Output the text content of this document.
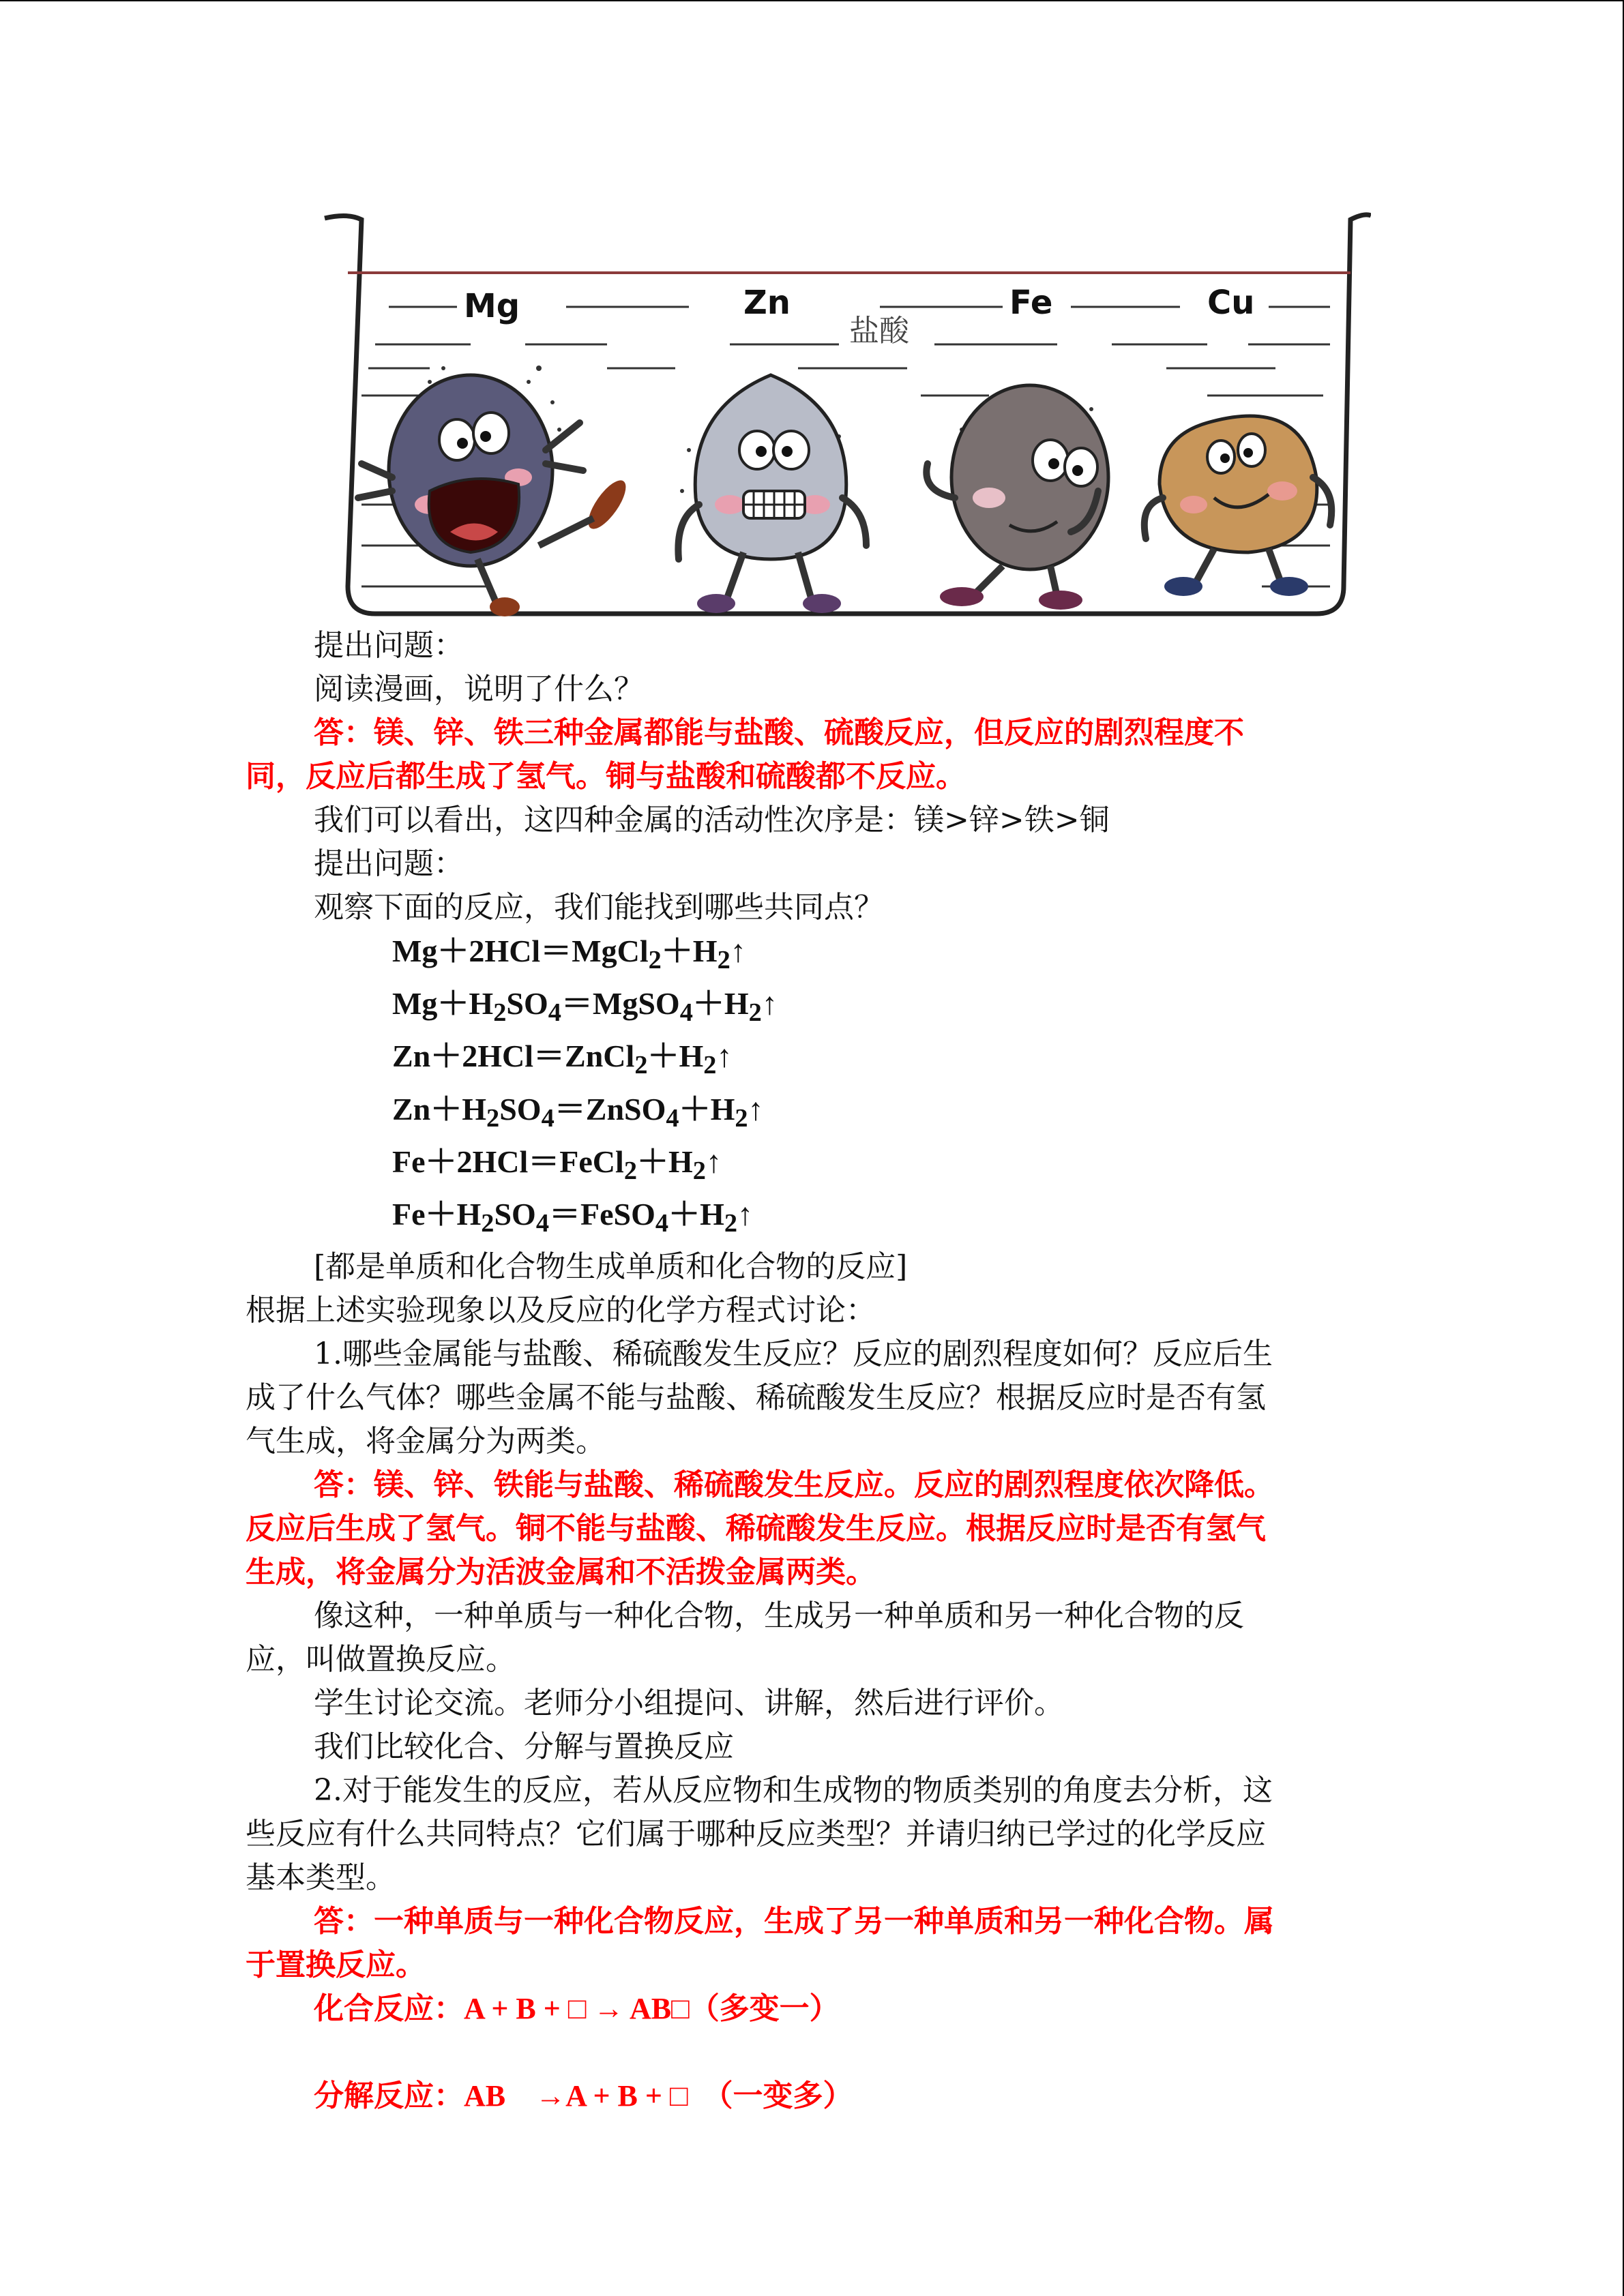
Mg	Zn	Fe	Cu
盐酸

提出问题：

阅读漫画，说明了什么？

答：镁、锌、铁三种金属都能与盐酸、硫酸反应，但反应的剧烈程度不

同，反应后都生成了氢气。铜与盐酸和硫酸都不反应。

我们可以看出，这四种金属的活动性次序是：镁>锌>铁>铜

提出问题：

观察下面的反应，我们能找到哪些共同点？

$Mg+2HCl=MgCl_2+H_2↑$

$Mg+H_2SO_4=MgSO_4+H_2↑$

$Zn+2HCl=ZnCl_2+H_2↑$

$Zn+H_2SO_4=ZnSO_4+H_2↑$

$Fe+2HCl=FeCl_2+H_2↑$

$Fe+H_2SO_4=FeSO_4+H_2↑$

[都是单质和化合物生成单质和化合物的反应]

根据上述实验现象以及反应的化学方程式讨论：

1.哪些金属能与盐酸、稀硫酸发生反应？反应的剧烈程度如何？反应后生

成了什么气体？哪些金属不能与盐酸、稀硫酸发生反应？根据反应时是否有氢

气生成，将金属分为两类。

答：镁、锌、铁能与盐酸、稀硫酸发生反应。反应的剧烈程度依次降低。

反应后生成了氢气。铜不能与盐酸、稀硫酸发生反应。根据反应时是否有氢气

生成，将金属分为活波金属和不活拨金属两类。

像这种，一种单质与一种化合物，生成另一种单质和另一种化合物的反

应，叫做置换反应。

学生讨论交流。老师分小组提问、讲解，然后进行评价。

我们比较化合、分解与置换反应

2.对于能发生的反应，若从反应物和生成物的物质类别的角度去分析，这

些反应有什么共同特点？它们属于哪种反应类型？并请归纳已学过的化学反应

基本类型。

答：一种单质与一种化合物反应，生成了另一种单质和另一种化合物。属

于置换反应。

化合反应：A + B + □ → AB□（多变一）

分解反应：AB　→A + B + □　 （一变多）
